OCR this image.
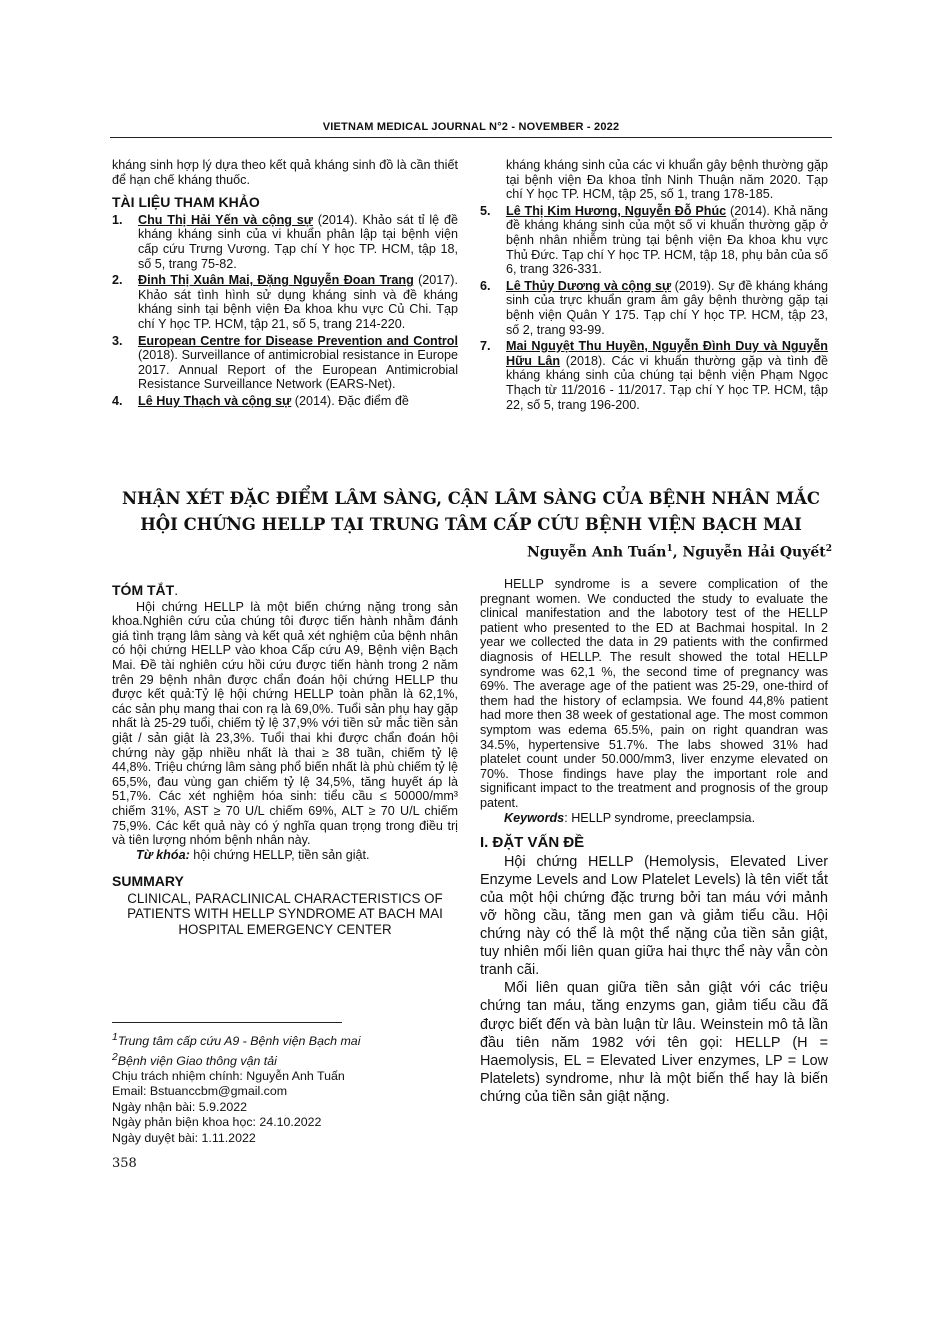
VIETNAM MEDICAL JOURNAL N°2 - NOVEMBER - 2022

kháng sinh hợp lý dựa theo kết quả kháng sinh đồ là cần thiết để hạn chế kháng thuốc.

TÀI LIỆU THAM KHẢO
1.	Chu Thị Hải Yến và cộng sự (2014). Khảo sát tỉ lệ đề kháng kháng sinh của vi khuẩn phân lập tại bệnh viện cấp cứu Trưng Vương. Tạp chí Y học TP. HCM, tập 18, số 5, trang 75-82.
2.	Đinh Thị Xuân Mai, Đặng Nguyễn Đoan Trang (2017). Khảo sát tình hình sử dụng kháng sinh và đề kháng kháng sinh tại bệnh viện Đa khoa khu vực Củ Chi. Tạp chí Y học TP. HCM, tập 21, số 5, trang 214-220.
3.	European Centre for Disease Prevention and Control (2018). Surveillance of antimicrobial resistance in Europe 2017. Annual Report of the European Antimicrobial Resistance Surveillance Network (EARS-Net).
4.	Lê Huy Thạch và cộng sự (2014). Đặc điểm đề
kháng kháng sinh của các vi khuẩn gây bệnh thường gặp tại bệnh viện Đa khoa tỉnh Ninh Thuận năm 2020. Tạp chí Y học TP. HCM, tập 25, số 1, trang 178-185.
5.	Lê Thị Kim Hương, Nguyễn Đỗ Phúc (2014). Khả năng đề kháng kháng sinh của một số vi khuẩn thường gặp ở bệnh nhân nhiễm trùng tại bệnh viện Đa khoa khu vực Thủ Đức. Tạp chí Y học TP. HCM, tập 18, phụ bản của số 6, trang 326-331.
6.	Lê Thủy Dương và cộng sự (2019). Sự đề kháng kháng sinh của trực khuẩn gram âm gây bệnh thường gặp tại bệnh viện Quân Y 175. Tạp chí Y học TP. HCM, tập 23, số 2, trang 93-99.
7.	Mai Nguyệt Thu Huyền, Nguyễn Đình Duy và Nguyễn Hữu Lân (2018). Các vi khuẩn thường gặp và tình đề kháng kháng sinh của chúng tại bệnh viện Phạm Ngọc Thạch từ 11/2016 - 11/2017. Tạp chí Y học TP. HCM, tập 22, số 5, trang 196-200.
NHẬN XÉT ĐẶC ĐIỂM LÂM SÀNG, CẬN LÂM SÀNG CỦA BỆNH NHÂN MẮC
HỘI CHỨNG HELLP TẠI TRUNG TÂM CẤP CỨU BỆNH VIỆN BẠCH MAI
Nguyễn Anh Tuấn$^1$, Nguyễn Hải Quyết$^2$
TÓM TẮT.

Hội chứng HELLP là một biến chứng nặng trong sản khoa.Nghiên cứu của chúng tôi được tiến hành nhằm đánh giá tình trạng lâm sàng và kết quả xét nghiệm của bệnh nhân có hội chứng HELLP vào khoa Cấp cứu A9, Bệnh viện Bạch Mai. Đề tài nghiên cứu hồi cứu được tiến hành trong 2 năm trên 29 bệnh nhân được chẩn đoán hội chứng HELLP thu được kết quả:Tỷ lệ hội chứng HELLP toàn phần là 62,1%, các sản phụ mang thai con rạ là 69,0%. Tuổi sản phụ hay gặp nhất là 25-29 tuổi, chiếm tỷ lệ 37,9% với tiền sử mắc tiền sản giật / sản giật là 23,3%. Tuổi thai khi được chẩn đoán hội chứng này gặp nhiều nhất là thai ≥ 38 tuần, chiếm tỷ lệ 44,8%. Triệu chứng lâm sàng phổ biến nhất là phù chiếm tỷ lệ 65,5%, đau vùng gan chiếm tỷ lệ 34,5%, tăng huyết áp là 51,7%. Các xét nghiệm hóa sinh: tiểu cầu ≤ 50000/mm³ chiếm 31%, AST ≥ 70 U/L chiếm 69%, ALT ≥ 70 U/L chiếm 75,9%. Các kết quả này có ý nghĩa quan trọng trong điều trị và tiên lượng nhóm bệnh nhân này.

Từ khóa: hội chứng HELLP, tiền sản giật.

SUMMARY
CLINICAL, PARACLINICAL CHARACTERISTICS OF PATIENTS WITH HELLP SYNDROME AT BACH MAI HOSPITAL EMERGENCY CENTER

HELLP syndrome is a severe complication of the pregnant women. We conducted the study to evaluate the clinical manifestation and the labotory test of the HELLP patient who presented to the ED at Bachmai hospital. In 2 year we collected the data in 29 patients with the confirmed diagnosis of HELLP. The result showed the total HELLP syndrome was 62,1 %, the second time of pregnancy was 69%. The average age of the patient was 25-29, one-third of them had the history of eclampsia. We found 44,8% patient had more then 38 week of gestational age. The most common symptom was edema 65.5%, pain on right quandran was 34.5%, hypertensive 51.7%. The labs showed 31% had platelet count under 50.000/mm3, liver enzyme elevated on 70%. Those findings have play the important role and significant impact to the treatment and prognosis of the group patent.

Keywords: HELLP syndrome, preeclampsia.

I. ĐẶT VẤN ĐỀ

Hội chứng HELLP (Hemolysis, Elevated Liver Enzyme Levels and Low Platelet Levels) là tên viết tắt của một hội chứng đặc trưng bởi tan máu với mảnh vỡ hồng cầu, tăng men gan và giảm tiểu cầu. Hội chứng này có thể là một thể nặng của tiền sản giật, tuy nhiên mối liên quan giữa hai thực thể này vẫn còn tranh cãi.

Mối liên quan giữa tiền sản giật với các triệu chứng tan máu, tăng enzyms gan, giảm tiểu cầu đã được biết đến và bàn luận từ lâu. Weinstein mô tả lần đầu tiên năm 1982 với tên gọi: HELLP (H = Haemolysis, EL = Elevated Liver enzymes, LP = Low Platelets) syndrome, như là một biến thể hay là biến chứng của tiền sản giật nặng.

$^1$Trung tâm cấp cứu A9 - Bệnh viện Bạch mai
$^2$Bệnh viện Giao thông vận tải
Chịu trách nhiệm chính: Nguyễn Anh Tuấn
Email: Bstuanccbm@gmail.com
Ngày nhận bài: 5.9.2022
Ngày phản biện khoa học: 24.10.2022
Ngày duyệt bài: 1.11.2022
358
